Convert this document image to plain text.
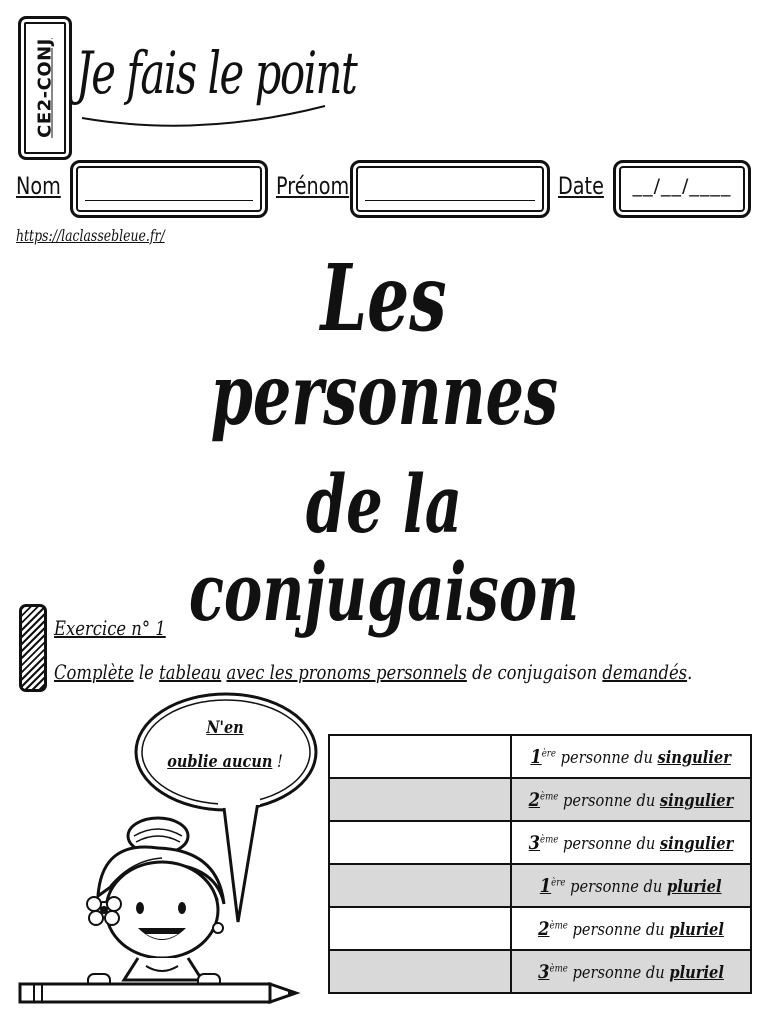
CE2-CONJ Je fais le point
Nom	Prénom	Date	__/__/____
https://laclassebleue.fr/
Les
personnes
de la conjugaison
Exercice n° 1
Complète le tableau avec les pronoms personnels de conjugaison demandés.
N'en
oublie aucun !
		1ère personne du singulier
	2ème personne du singulier
	3ème personne du singulier
	1ère personne du pluriel
	2ème personne du pluriel
	3ème personne du pluriel
